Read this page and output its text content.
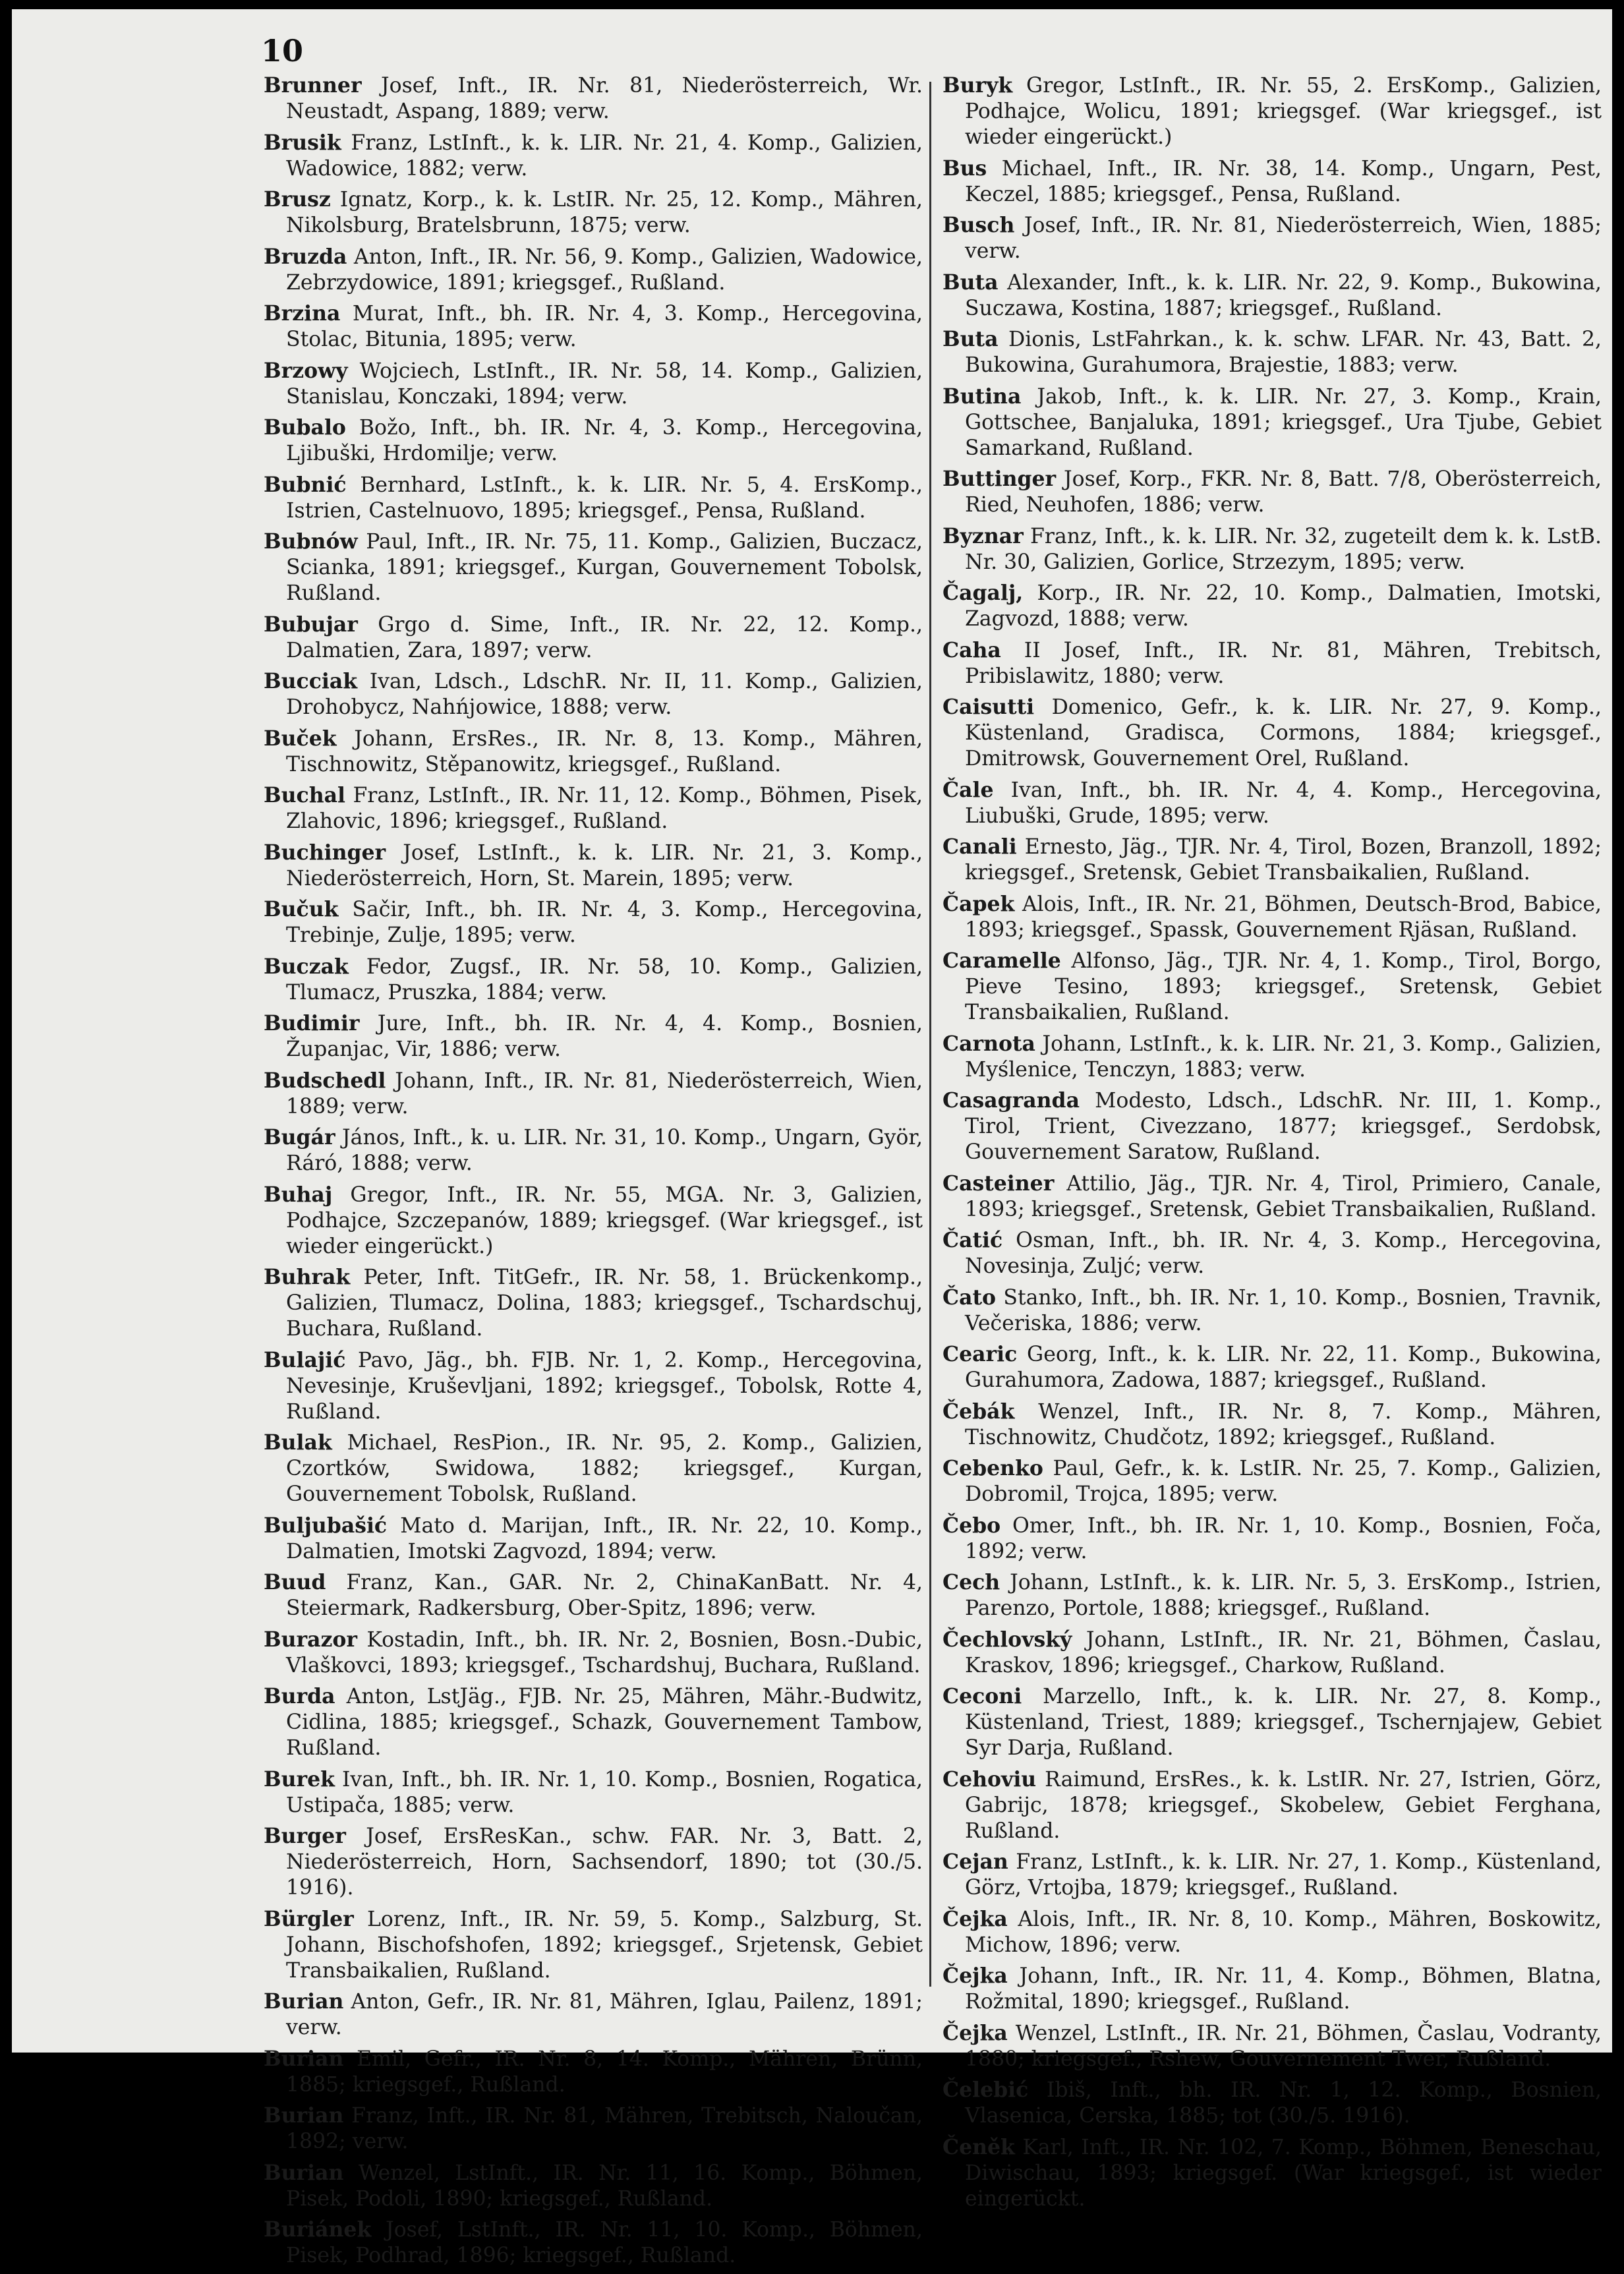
10
Brunner Josef, Inft., IR. Nr. 81, Niederösterreich, Wr. Neustadt, Aspang, 1889; verw.
Brusik Franz, LstInft., k. k. LIR. Nr. 21, 4. Komp., Galizien, Wadowice, 1882; verw.
Brusz Ignatz, Korp., k. k. LstIR. Nr. 25, 12. Komp., Mähren, Nikolsburg, Bratelsbrunn, 1875; verw.
Bruzda Anton, Inft., IR. Nr. 56, 9. Komp., Galizien, Wadowice, Zebrzydowice, 1891; kriegsgef., Rußland.
Brzina Murat, Inft., bh. IR. Nr. 4, 3. Komp., Hercegovina, Stolac, Bitunia, 1895; verw.
Brzowy Wojciech, LstInft., IR. Nr. 58, 14. Komp., Galizien, Stanislau, Konczaki, 1894; verw.
Bubalo Božo, Inft., bh. IR. Nr. 4, 3. Komp., Hercegovina, Ljibuški, Hrdomilje; verw.
Bubnić Bernhard, LstInft., k. k. LIR. Nr. 5, 4. ErsKomp., Istrien, Castelnuovo, 1895; kriegsgef., Pensa, Rußland.
Bubnów Paul, Inft., IR. Nr. 75, 11. Komp., Galizien, Buczacz, Scianka, 1891; kriegsgef., Kurgan, Gouvernement Tobolsk, Rußland.
Bubujar Grgo d. Sime, Inft., IR. Nr. 22, 12. Komp., Dalmatien, Zara, 1897; verw.
Bucciak Ivan, Ldsch., LdschR. Nr. II, 11. Komp., Galizien, Drohobycz, Nahńjowice, 1888; verw.
Buček Johann, ErsRes., IR. Nr. 8, 13. Komp., Mähren, Tischnowitz, Stěpanowitz, kriegsgef., Rußland.
Buchal Franz, LstInft., IR. Nr. 11, 12. Komp., Böhmen, Pisek, Zlahovic, 1896; kriegsgef., Rußland.
Buchinger Josef, LstInft., k. k. LIR. Nr. 21, 3. Komp., Niederösterreich, Horn, St. Marein, 1895; verw.
Bučuk Sačir, Inft., bh. IR. Nr. 4, 3. Komp., Hercegovina, Trebinje, Zulje, 1895; verw.
Buczak Fedor, Zugsf., IR. Nr. 58, 10. Komp., Galizien, Tlumacz, Pruszka, 1884; verw.
Budimir Jure, Inft., bh. IR. Nr. 4, 4. Komp., Bosnien, Županjac, Vir, 1886; verw.
Budschedl Johann, Inft., IR. Nr. 81, Niederösterreich, Wien, 1889; verw.
Bugár János, Inft., k. u. LIR. Nr. 31, 10. Komp., Ungarn, Györ, Ráró, 1888; verw.
Buhaj Gregor, Inft., IR. Nr. 55, MGA. Nr. 3, Galizien, Podhajce, Szczepanów, 1889; kriegsgef. (War kriegsgef., ist wieder eingerückt.)
Buhrak Peter, Inft. TitGefr., IR. Nr. 58, 1. Brückenkomp., Galizien, Tlumacz, Dolina, 1883; kriegsgef., Tschardschuj, Buchara, Rußland.
Bulajić Pavo, Jäg., bh. FJB. Nr. 1, 2. Komp., Hercegovina, Nevesinje, Kruševljani, 1892; kriegsgef., Tobolsk, Rotte 4, Rußland.
Bulak Michael, ResPion., IR. Nr. 95, 2. Komp., Galizien, Czortków, Swidowa, 1882; kriegsgef., Kurgan, Gouvernement Tobolsk, Rußland.
Buljubašić Mato d. Marijan, Inft., IR. Nr. 22, 10. Komp., Dalmatien, Imotski Zagvozd, 1894; verw.
Buud Franz, Kan., GAR. Nr. 2, ChinaKanBatt. Nr. 4, Steiermark, Radkersburg, Ober-Spitz, 1896; verw.
Burazor Kostadin, Inft., bh. IR. Nr. 2, Bosnien, Bosn.-Dubic, Vlaškovci, 1893; kriegsgef., Tschardshuj, Buchara, Rußland.
Burda Anton, LstJäg., FJB. Nr. 25, Mähren, Mähr.-Budwitz, Cidlina, 1885; kriegsgef., Schazk, Gouvernement Tambow, Rußland.
Burek Ivan, Inft., bh. IR. Nr. 1, 10. Komp., Bosnien, Rogatica, Ustipača, 1885; verw.
Burger Josef, ErsResKan., schw. FAR. Nr. 3, Batt. 2, Niederösterreich, Horn, Sachsendorf, 1890; tot (30./5. 1916).
Bürgler Lorenz, Inft., IR. Nr. 59, 5. Komp., Salzburg, St. Johann, Bischofshofen, 1892; kriegsgef., Srjetensk, Gebiet Transbaikalien, Rußland.
Burian Anton, Gefr., IR. Nr. 81, Mähren, Iglau, Pailenz, 1891; verw.
Burian Emil, Gefr., IR. Nr. 8, 14. Komp., Mähren, Brünn, 1885; kriegsgef., Rußland.
Burian Franz, Inft., IR. Nr. 81, Mähren, Trebitsch, Naloučan, 1892; verw.
Burian Wenzel, LstInft., IR. Nr. 11, 16. Komp., Böhmen, Pisek, Podoli, 1890; kriegsgef., Rußland.
Buriánek Josef, LstInft., IR. Nr. 11, 10. Komp., Böhmen, Pisek, Podhrad, 1896; kriegsgef., Rußland.
Buryk Gregor, LstInft., IR. Nr. 55, 2. ErsKomp., Galizien, Podhajce, Wolicu, 1891; kriegsgef. (War kriegsgef., ist wieder eingerückt.)
Bus Michael, Inft., IR. Nr. 38, 14. Komp., Ungarn, Pest, Keczel, 1885; kriegsgef., Pensa, Rußland.
Busch Josef, Inft., IR. Nr. 81, Niederösterreich, Wien, 1885; verw.
Buta Alexander, Inft., k. k. LIR. Nr. 22, 9. Komp., Bukowina, Suczawa, Kostina, 1887; kriegsgef., Rußland.
Buta Dionis, LstFahrkan., k. k. schw. LFAR. Nr. 43, Batt. 2, Bukowina, Gurahumora, Brajestie, 1883; verw.
Butina Jakob, Inft., k. k. LIR. Nr. 27, 3. Komp., Krain, Gottschee, Banjaluka, 1891; kriegsgef., Ura Tjube, Gebiet Samarkand, Rußland.
Buttinger Josef, Korp., FKR. Nr. 8, Batt. 7/8, Oberösterreich, Ried, Neuhofen, 1886; verw.
Byznar Franz, Inft., k. k. LIR. Nr. 32, zugeteilt dem k. k. LstB. Nr. 30, Galizien, Gorlice, Strzezym, 1895; verw.
Čagalj, Korp., IR. Nr. 22, 10. Komp., Dalmatien, Imotski, Zagvozd, 1888; verw.
Caha II Josef, Inft., IR. Nr. 81, Mähren, Trebitsch, Pribislawitz, 1880; verw.
Caisutti Domenico, Gefr., k. k. LIR. Nr. 27, 9. Komp., Küstenland, Gradisca, Cormons, 1884; kriegsgef., Dmitrowsk, Gouvernement Orel, Rußland.
Čale Ivan, Inft., bh. IR. Nr. 4, 4. Komp., Hercegovina, Liubuški, Grude, 1895; verw.
Canali Ernesto, Jäg., TJR. Nr. 4, Tirol, Bozen, Branzoll, 1892; kriegsgef., Sretensk, Gebiet Transbaikalien, Rußland.
Čapek Alois, Inft., IR. Nr. 21, Böhmen, Deutsch-Brod, Babice, 1893; kriegsgef., Spassk, Gouvernement Rjäsan, Rußland.
Caramelle Alfonso, Jäg., TJR. Nr. 4, 1. Komp., Tirol, Borgo, Pieve Tesino, 1893; kriegsgef., Sretensk, Gebiet Transbaikalien, Rußland.
Carnota Johann, LstInft., k. k. LIR. Nr. 21, 3. Komp., Galizien, Myślenice, Tenczyn, 1883; verw.
Casagranda Modesto, Ldsch., LdschR. Nr. III, 1. Komp., Tirol, Trient, Civezzano, 1877; kriegsgef., Serdobsk, Gouvernement Saratow, Rußland.
Casteiner Attilio, Jäg., TJR. Nr. 4, Tirol, Primiero, Canale, 1893; kriegsgef., Sretensk, Gebiet Transbaikalien, Rußland.
Čatić Osman, Inft., bh. IR. Nr. 4, 3. Komp., Hercegovina, Novesinja, Zuljć; verw.
Čato Stanko, Inft., bh. IR. Nr. 1, 10. Komp., Bosnien, Travnik, Večeriska, 1886; verw.
Cearic Georg, Inft., k. k. LIR. Nr. 22, 11. Komp., Bukowina, Gurahumora, Zadowa, 1887; kriegsgef., Rußland.
Čebák Wenzel, Inft., IR. Nr. 8, 7. Komp., Mähren, Tischnowitz, Chudčotz, 1892; kriegsgef., Rußland.
Cebenko Paul, Gefr., k. k. LstIR. Nr. 25, 7. Komp., Galizien, Dobromil, Trojca, 1895; verw.
Čebo Omer, Inft., bh. IR. Nr. 1, 10. Komp., Bosnien, Foča, 1892; verw.
Cech Johann, LstInft., k. k. LIR. Nr. 5, 3. ErsKomp., Istrien, Parenzo, Portole, 1888; kriegsgef., Rußland.
Čechlovský Johann, LstInft., IR. Nr. 21, Böhmen, Časlau, Kraskov, 1896; kriegsgef., Charkow, Rußland.
Ceconi Marzello, Inft., k. k. LIR. Nr. 27, 8. Komp., Küstenland, Triest, 1889; kriegsgef., Tschernjajew, Gebiet Syr Darja, Rußland.
Cehoviu Raimund, ErsRes., k. k. LstIR. Nr. 27, Istrien, Görz, Gabrijc, 1878; kriegsgef., Skobelew, Gebiet Ferghana, Rußland.
Cejan Franz, LstInft., k. k. LIR. Nr. 27, 1. Komp., Küstenland, Görz, Vrtojba, 1879; kriegsgef., Rußland.
Čejka Alois, Inft., IR. Nr. 8, 10. Komp., Mähren, Boskowitz, Michow, 1896; verw.
Čejka Johann, Inft., IR. Nr. 11, 4. Komp., Böhmen, Blatna, Rožmital, 1890; kriegsgef., Rußland.
Čejka Wenzel, LstInft., IR. Nr. 21, Böhmen, Časlau, Vodranty, 1880; kriegsgef., Rshew, Gouvernement Twer, Rußland.
Čelebić Ibiš, Inft., bh. IR. Nr. 1, 12. Komp., Bosnien, Vlasenica, Cerska, 1885; tot (30./5. 1916).
Čeněk Karl, Inft., IR. Nr. 102, 7. Komp., Böhmen, Beneschau, Diwischau, 1893; kriegsgef. (War kriegsgef., ist wieder eingerückt.
